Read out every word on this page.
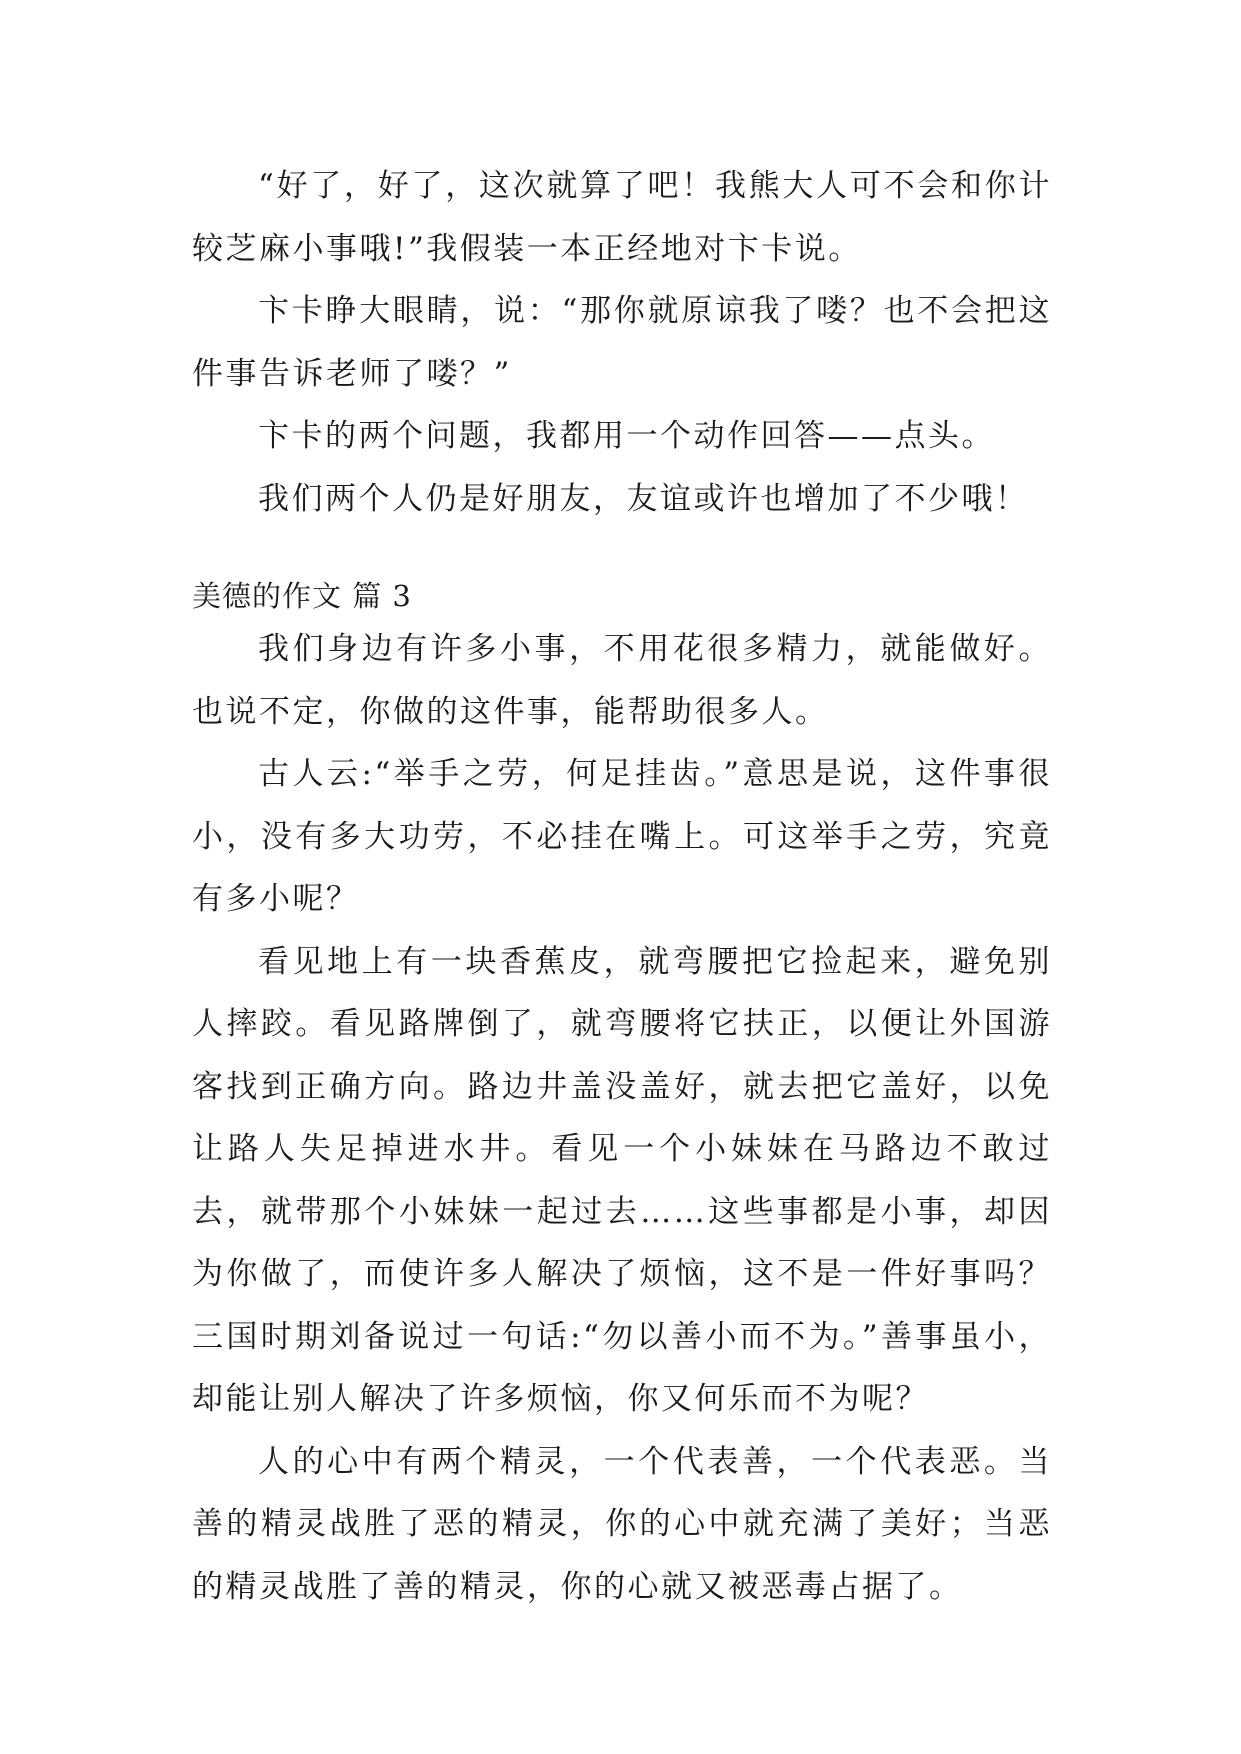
“好了，好了，这次就算了吧！我熊大人可不会和你计较芝麻小事哦!”我假装一本正经地对卞卡说。

卞卡睁大眼睛，说：“那你就原谅我了喽？也不会把这件事告诉老师了喽？”

卞卡的两个问题，我都用一个动作回答——点头。

我们两个人仍是好朋友，友谊或许也增加了不少哦！

美德的作文 篇 3

我们身边有许多小事，不用花很多精力，就能做好。也说不定，你做的这件事，能帮助很多人。

古人云:“举手之劳，何足挂齿。”意思是说，这件事很小，没有多大功劳，不必挂在嘴上。可这举手之劳，究竟有多小呢？

看见地上有一块香蕉皮，就弯腰把它捡起来，避免别人摔跤。看见路牌倒了，就弯腰将它扶正，以便让外国游客找到正确方向。路边井盖没盖好，就去把它盖好，以免让路人失足掉进水井。看见一个小妹妹在马路边不敢过去，就带那个小妹妹一起过去……这些事都是小事，却因为你做了，而使许多人解决了烦恼，这不是一件好事吗？三国时期刘备说过一句话:“勿以善小而不为。”善事虽小，却能让别人解决了许多烦恼，你又何乐而不为呢？

人的心中有两个精灵，一个代表善，一个代表恶。当善的精灵战胜了恶的精灵，你的心中就充满了美好；当恶的精灵战胜了善的精灵，你的心就又被恶毒占据了。
